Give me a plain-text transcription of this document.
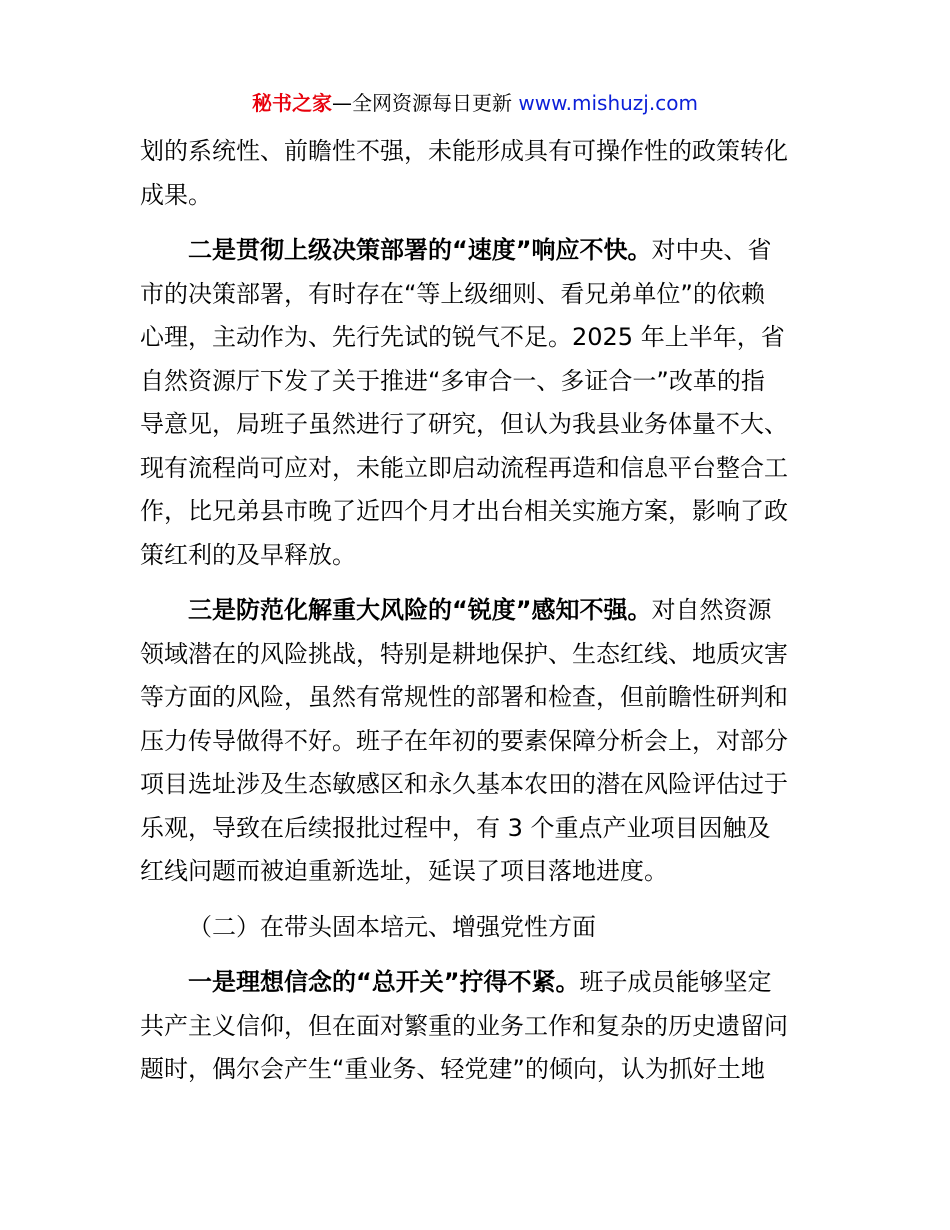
秘书之家—全网资源每日更新 www.mishuzj.com

划的系统性、前瞻性不强，未能形成具有可操作性的政策转化
成果。

二是贯彻上级决策部署的“速度”响应不快。对中央、省
市的决策部署，有时存在“等上级细则、看兄弟单位”的依赖
心理，主动作为、先行先试的锐气不足。2025 年上半年，省
自然资源厅下发了关于推进“多审合一、多证合一”改革的指
导意见，局班子虽然进行了研究，但认为我县业务体量不大、
现有流程尚可应对，未能立即启动流程再造和信息平台整合工
作，比兄弟县市晚了近四个月才出台相关实施方案，影响了政
策红利的及早释放。

三是防范化解重大风险的“锐度”感知不强。对自然资源
领域潜在的风险挑战，特别是耕地保护、生态红线、地质灾害
等方面的风险，虽然有常规性的部署和检查，但前瞻性研判和
压力传导做得不好。班子在年初的要素保障分析会上，对部分
项目选址涉及生态敏感区和永久基本农田的潜在风险评估过于
乐观，导致在后续报批过程中，有 3 个重点产业项目因触及
红线问题而被迫重新选址，延误了项目落地进度。

（二）在带头固本培元、增强党性方面

一是理想信念的“总开关”拧得不紧。班子成员能够坚定
共产主义信仰，但在面对繁重的业务工作和复杂的历史遗留问
题时，偶尔会产生“重业务、轻党建”的倾向，认为抓好土地
